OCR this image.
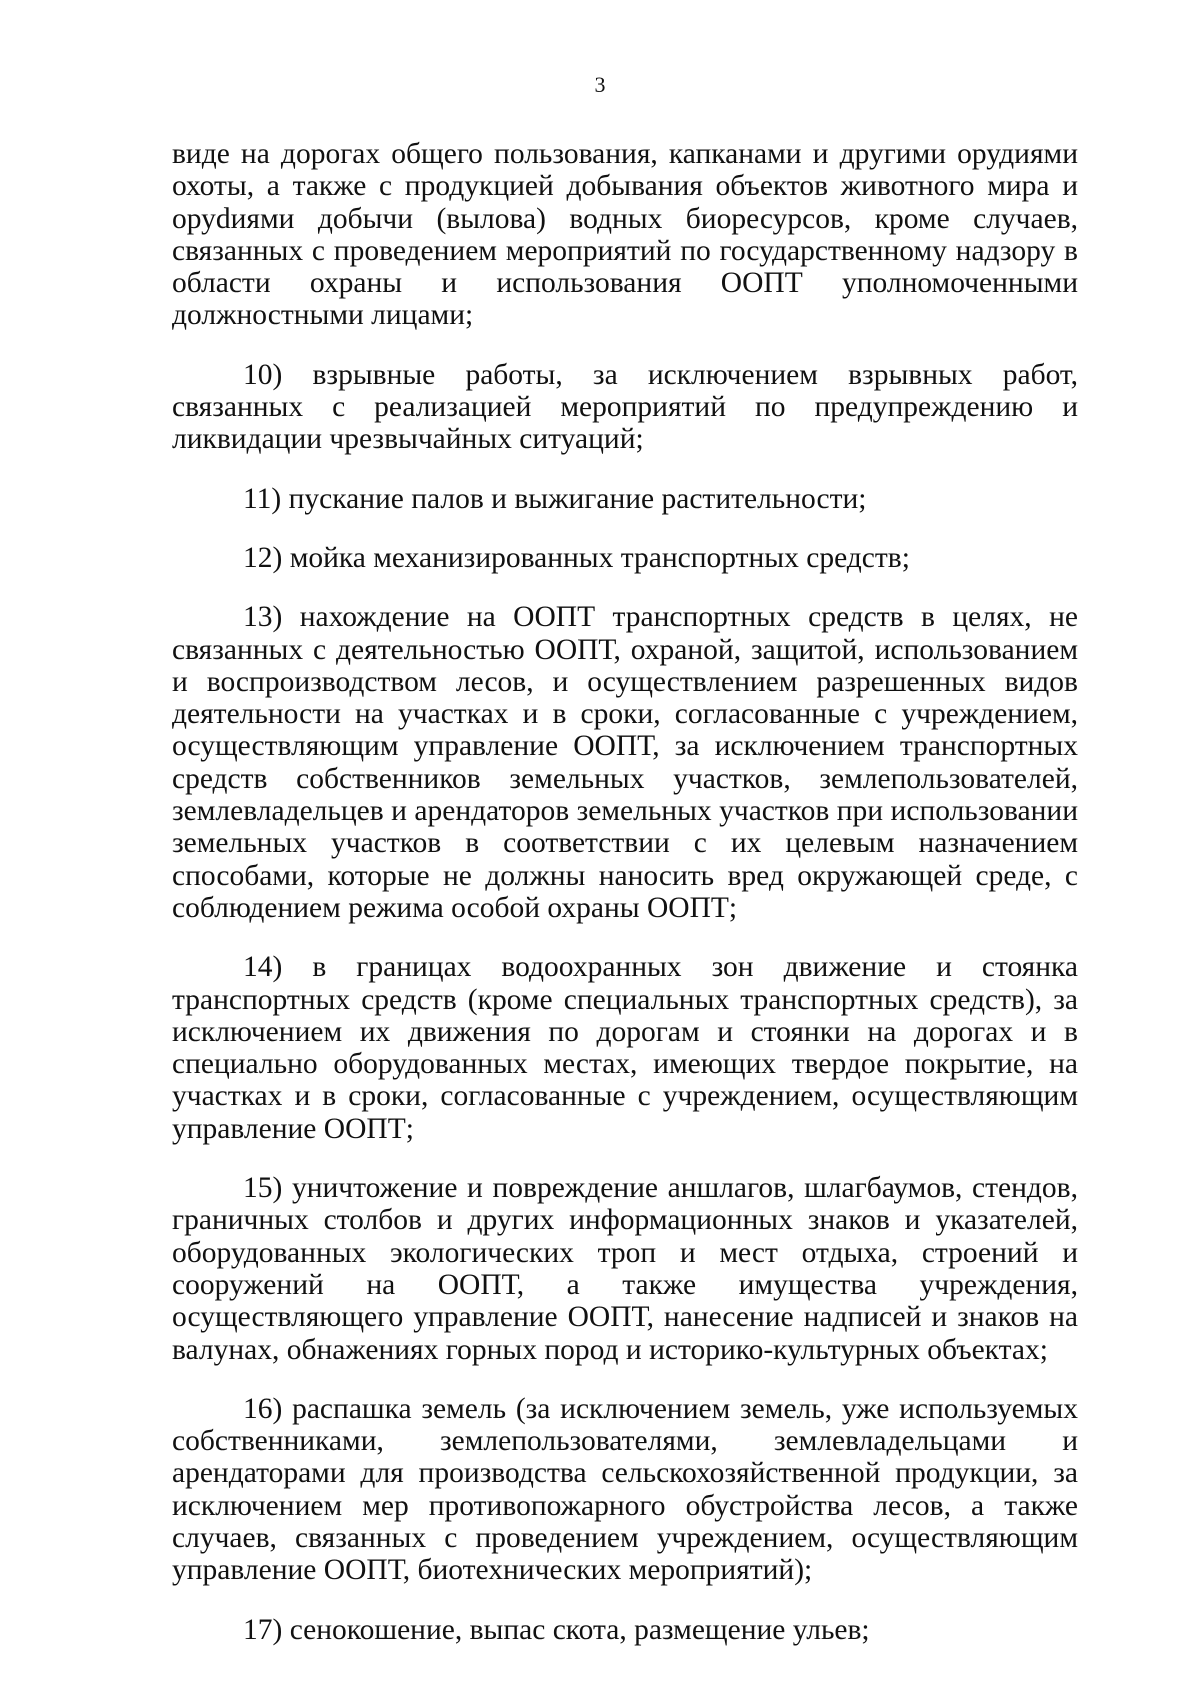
3

виде на дорогах общего пользования, капканами и другими орудиями охоты, а также с продукцией добывания объектов животного мира и оруdиями добычи (вылова) водных биоресурсов, кроме случаев, связанных с проведением мероприятий по государственному надзору в области охраны и использования ООПТ уполномоченными должностными лицами;

10) взрывные работы, за исключением взрывных работ, связанных с реализацией мероприятий по предупреждению и ликвидации чрезвычайных ситуаций;

11) пускание палов и выжигание растительности;

12) мойка механизированных транспортных средств;

13) нахождение на ООПТ транспортных средств в целях, не связанных с деятельностью ООПТ, охраной, защитой, использованием и воспроизводством лесов, и осуществлением разрешенных видов деятельности на участках и в сроки, согласованные с учреждением, осуществляющим управление ООПТ, за исключением транспортных средств собственников земельных участков, землепользователей, землевладельцев и арендаторов земельных участков при использовании земельных участков в соответствии с их целевым назначением способами, которые не должны наносить вред окружающей среде, с соблюдением режима особой охраны ООПТ;

14) в границах водоохранных зон движение и стоянка транспортных средств (кроме специальных транспортных средств), за исключением их движения по дорогам и стоянки на дорогах и в специально оборудованных местах, имеющих твердое покрытие, на участках и в сроки, согласованные с учреждением, осуществляющим управление ООПТ;

15) уничтожение и повреждение аншлагов, шлагбаумов, стендов, граничных столбов и других информационных знаков и указателей, оборудованных экологических троп и мест отдыха, строений и сооружений на ООПТ, а также имущества учреждения, осуществляющего управление ООПТ, нанесение надписей и знаков на валунах, обнажениях горных пород и историко-культурных объектах;

16) распашка земель (за исключением земель, уже используемых собственниками, землепользователями, землевладельцами и арендаторами для производства сельскохозяйственной продукции, за исключением мер противопожарного обустройства лесов, а также случаев, связанных с проведением учреждением, осуществляющим управление ООПТ, биотехнических мероприятий);

17) сенокошение, выпас скота, размещение ульев;
